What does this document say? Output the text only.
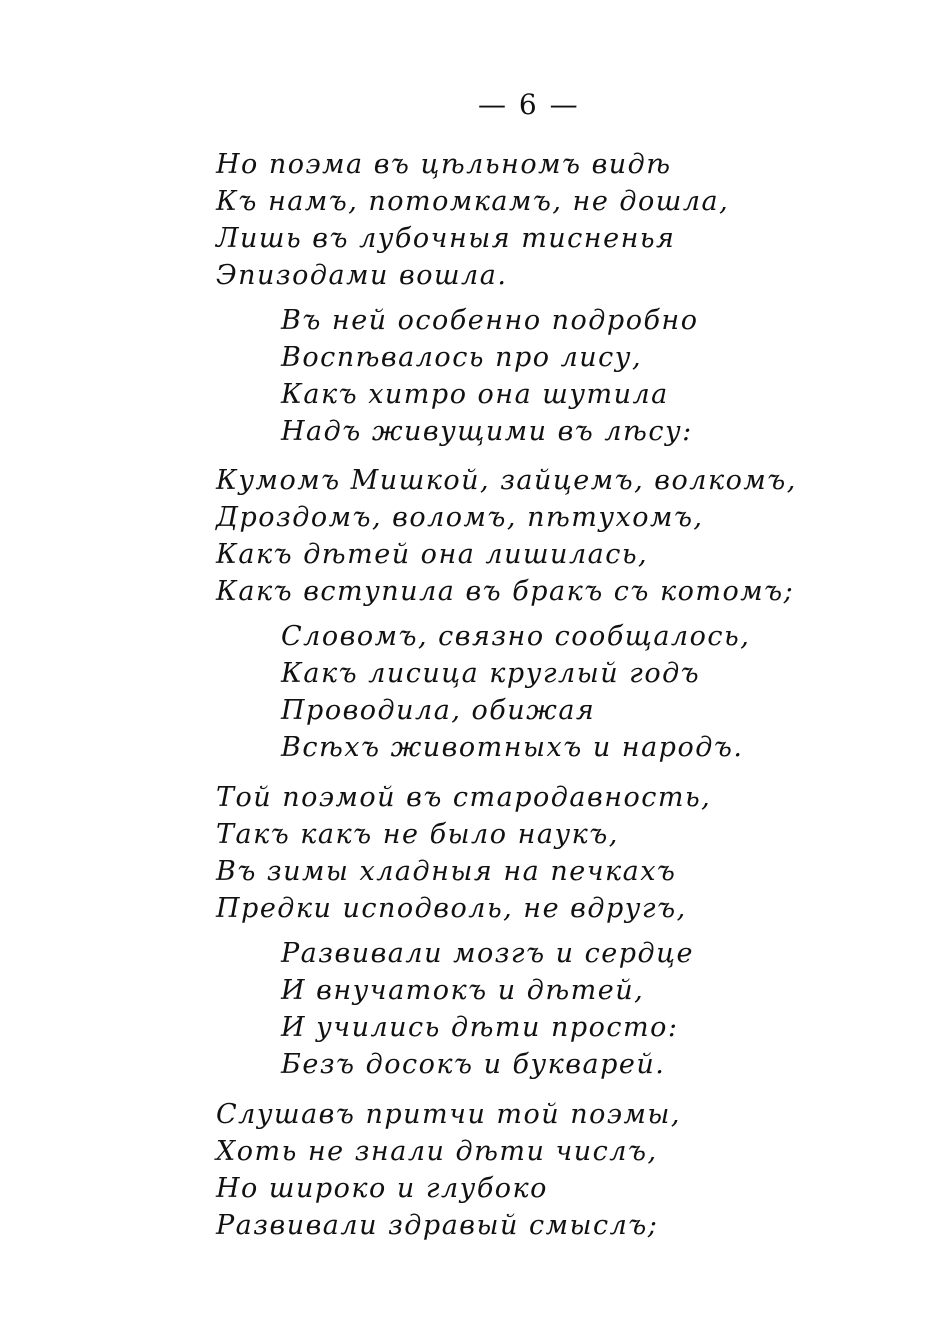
— 6 —
Но поэма въ цѣльномъ видѣ
Къ намъ, потомкамъ, не дошла,
Лишь въ лубочныя тисненья
Эпизодами вошла.
Въ ней особенно подробно
Воспѣвалось про лису,
Какъ хитро она шутила
Надъ живущими въ лѣсу:
Кумомъ Мишкой, зайцемъ, волкомъ,
Дроздомъ, воломъ, пѣтухомъ,
Какъ дѣтей она лишилась,
Какъ вступила въ бракъ съ котомъ;
Словомъ, связно сообщалось,
Какъ лисица круглый годъ
Проводила, обижая
Всѣхъ животныхъ и народъ.
Той поэмой въ стародавность,
Такъ какъ не было наукъ,
Въ зимы хладныя на печкахъ
Предки исподволь, не вдругъ,
Развивали мозгъ и сердце
И внучатокъ и дѣтей,
И учились дѣти просто:
Безъ досокъ и букварей.
Слушавъ притчи той поэмы,
Хоть не знали дѣти числъ,
Но широко и глубоко
Развивали здравый смыслъ;
